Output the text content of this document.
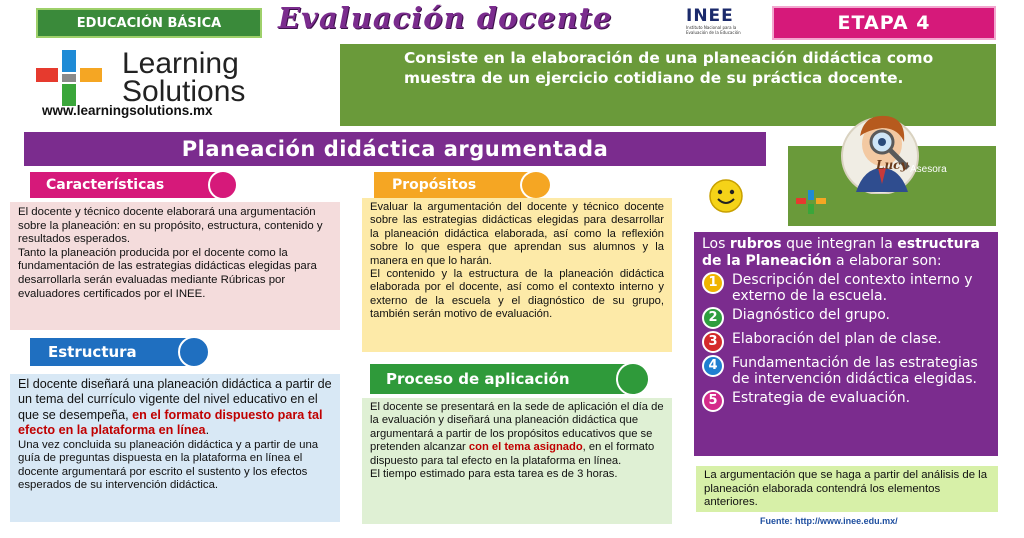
EDUCACIÓN BÁSICA	Evaluación docente	INEE
Instituto Nacional para la Evaluación de la Educación	ETAPA 4
Learning
Solutions
www.learningsolutions.mx
Consiste en la elaboración de una planeación didáctica como muestra de un ejercicio cotidiano de su práctica docente.
Lucy Asesora
Planeación didáctica argumentada
Características
El docente y técnico docente elaborará una argumentación sobre la planeación: en su propósito, estructura, contenido y resultados esperados.
Tanto la planeación producida por el docente como la fundamentación de las estrategias didácticas elegidas para desarrollarla serán evaluadas mediante Rúbricas por evaluadores certificados por el INEE.
Estructura
El docente diseñará una planeación didáctica a partir de un tema del currículo vigente del nivel educativo en el que se desempeña, en el formato dispuesto para tal efecto en la plataforma en línea.
Una vez concluida su planeación didáctica y a partir de una guía de preguntas dispuesta en la plataforma en línea el docente argumentará por escrito el sustento y los efectos esperados de su intervención didáctica.
Propósitos
Evaluar la argumentación del docente y técnico docente sobre las estrategias didácticas elegidas para desarrollar la planeación didáctica elaborada, así como la reflexión sobre lo que espera que aprendan sus alumnos y la manera en que lo harán.
El contenido y la estructura de la planeación didáctica elaborada por el docente, así como el contexto interno y externo de la escuela y el diagnóstico de su grupo, también serán motivo de evaluación.
Proceso de aplicación
El docente se presentará en la sede de aplicación el día de la evaluación y diseñará una planeación didáctica que argumentará a partir de los propósitos educativos que se pretenden alcanzar con el tema asignado, en el formato dispuesto para tal efecto en la plataforma en línea.
El tiempo estimado para esta tarea es de 3 horas.
Los rubros que integran la estructura de la Planeación a elaborar son:
1	Descripción del contexto interno y externo de la escuela.
2	Diagnóstico del grupo.
3	Elaboración del plan de clase.
4	Fundamentación de las estrategias de intervención didáctica elegidas.
5	Estrategia de evaluación.
La argumentación que se haga a partir del análisis de la planeación elaborada contendrá los elementos anteriores.
Fuente: http://www.inee.edu.mx/
